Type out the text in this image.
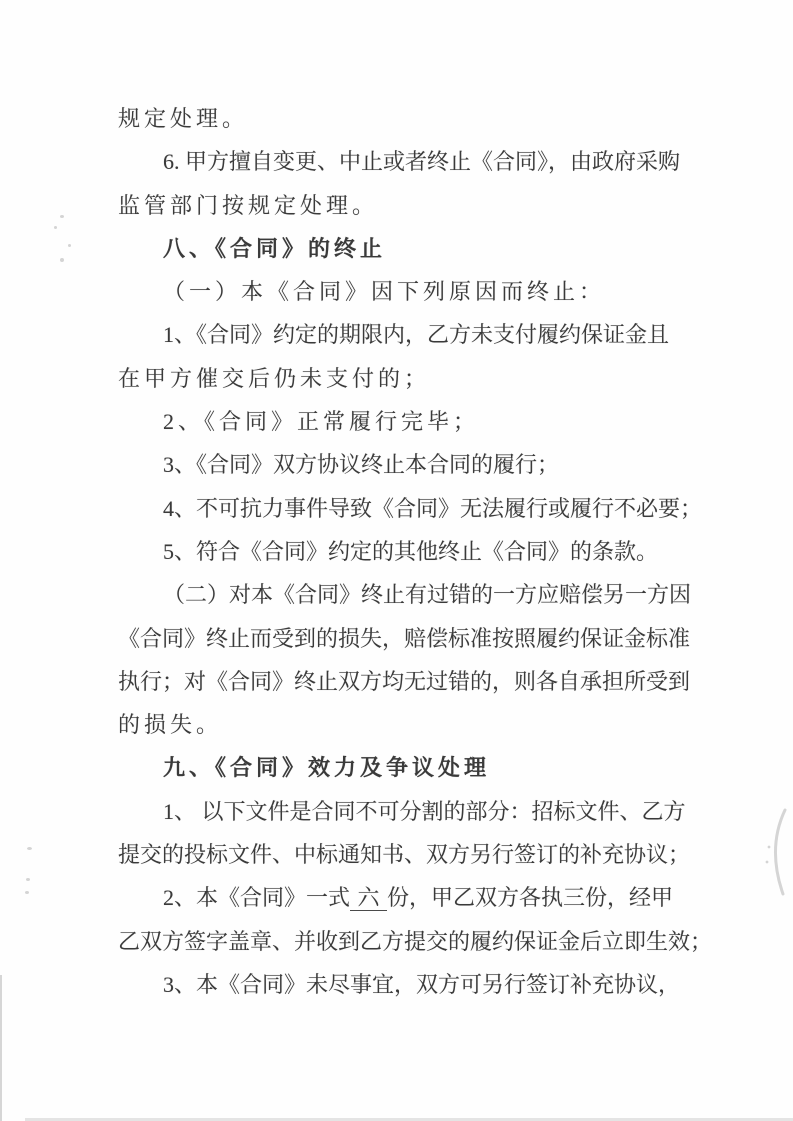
规定处理。
6. 甲方擅自变更、中止或者终止《合同》，由政府采购
监管部门按规定处理。
八、《合同》的终止
（一）本《合同》因下列原因而终止：
1、《合同》约定的期限内，乙方未支付履约保证金且
在甲方催交后仍未支付的；
2、《合同》正常履行完毕；
3、《合同》双方协议终止本合同的履行；
4、不可抗力事件导致《合同》无法履行或履行不必要；
5、符合《合同》约定的其他终止《合同》的条款。
（二）对本《合同》终止有过错的一方应赔偿另一方因
《合同》终止而受到的损失，赔偿标准按照履约保证金标准
执行；对《合同》终止双方均无过错的，则各自承担所受到
的损失。
九、《合同》效力及争议处理
1、 以下文件是合同不可分割的部分：招标文件、乙方
提交的投标文件、中标通知书、双方另行签订的补充协议；
2、本《合同》一式 六 份，甲乙双方各执三份，经甲
乙双方签字盖章、并收到乙方提交的履约保证金后立即生效；
3、本《合同》未尽事宜，双方可另行签订补充协议，
